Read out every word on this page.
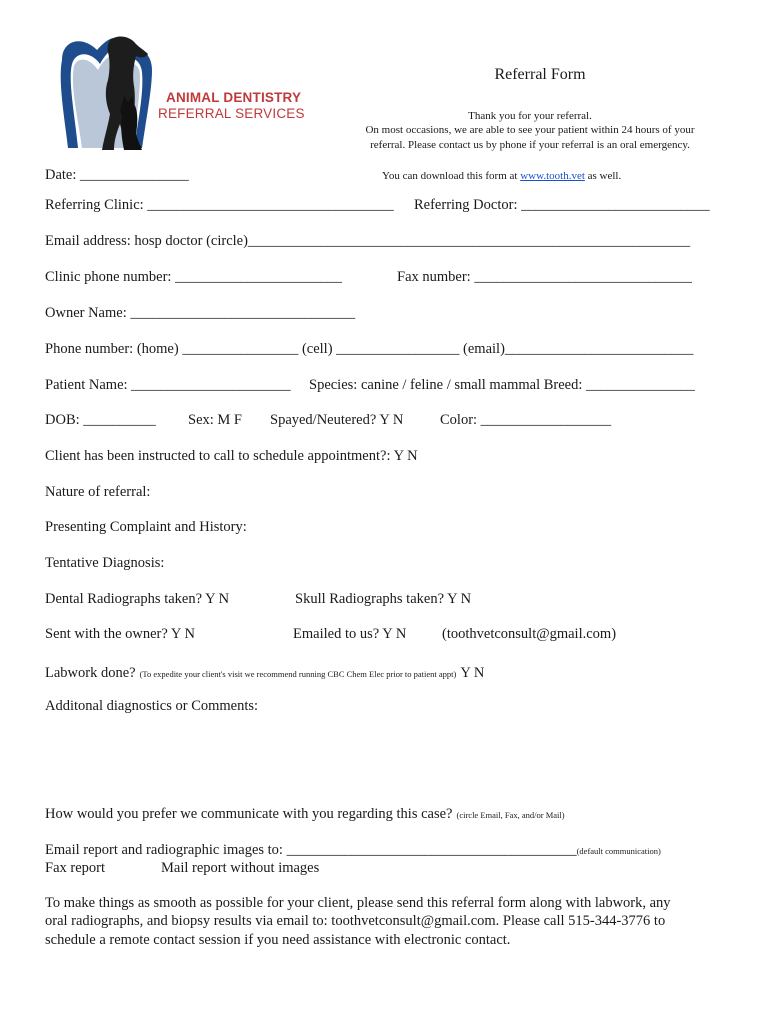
ANIMAL DENTISTRY
REFERRAL SERVICES
Referral Form
Thank you for your referral.
On most occasions, we are able to see your patient within 24 hours of your
referral. Please contact us by phone if your referral is an oral emergency.
Date: _______________	You can download this form at www.tooth.vet as well.
Referring Clinic: __________________________________ Referring Doctor: __________________________
Email address: hosp doctor (circle)_____________________________________________________________
Clinic phone number: _______________________	Fax number: ______________________________
Owner Name: _______________________________
Phone number: (home) ________________ (cell) _________________ (email)__________________________
Patient Name: ______________________ Species: canine / feline / small mammal Breed: _______________
DOB: __________ Sex: M F Spayed/Neutered? Y N	Color: __________________
Client has been instructed to call to schedule appointment?: Y N
Nature of referral:
Presenting Complaint and History:
Tentative Diagnosis:
Dental Radiographs taken? Y N	Skull Radiographs taken? Y N
Sent with the owner? Y N	Emailed to us? Y N (toothvetconsult@gmail.com)
Labwork done? (To expedite your client's visit we recommend running CBC Chem Elec prior to patient appt) Y N
Additonal diagnostics or Comments:
How would you prefer we communicate with you regarding this case? (circle Email, Fax, and/or Mail)
Email report and radiographic images to: ________________________________________(default communication)
Fax report	Mail report without images
To make things as smooth as possible for your client, please send this referral form along with labwork, any
oral radiographs, and biopsy results via email to: toothvetconsult@gmail.com. Please call 515-344-3776 to
schedule a remote contact session if you need assistance with electronic contact.
